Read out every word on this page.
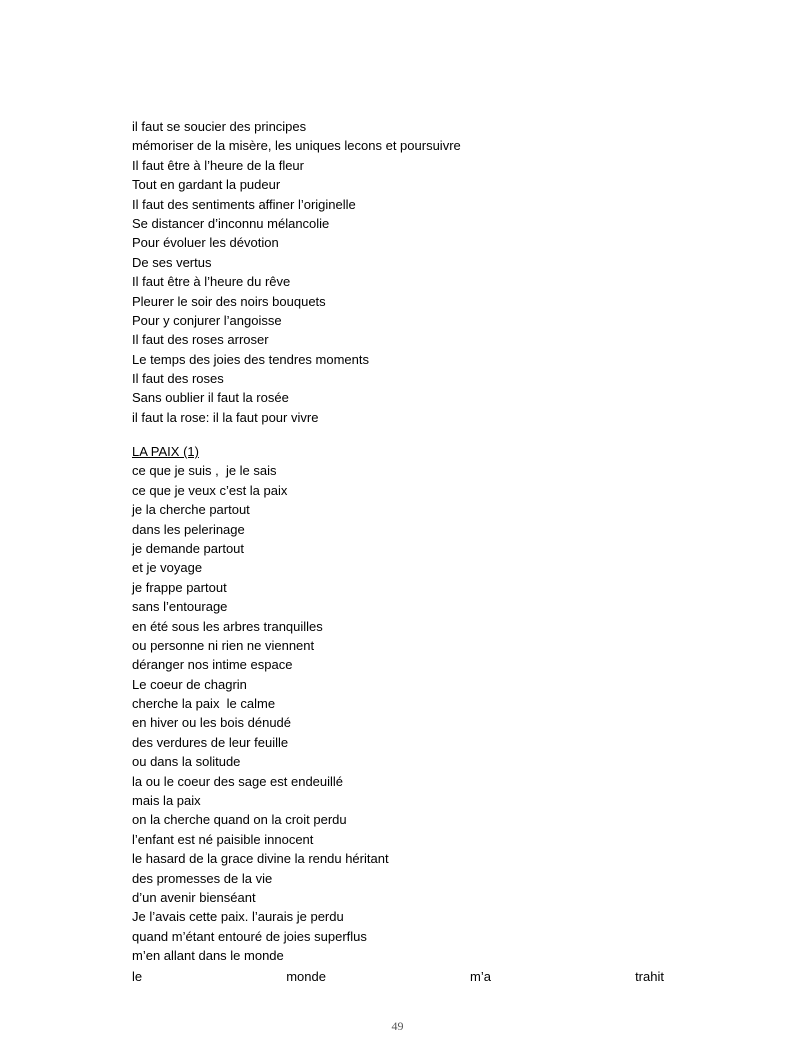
il faut se soucier des principes
mémoriser de la misère, les uniques lecons et poursuivre
Il faut être à l’heure de la fleur
Tout en gardant la pudeur
Il faut des sentiments affiner l’originelle
Se distancer d’inconnu mélancolie
Pour évoluer les dévotion
De ses vertus
Il faut être à l’heure du rêve
Pleurer le soir des noirs bouquets
Pour y conjurer l’angoisse
Il faut des roses arroser
Le temps des joies des tendres moments
Il faut des roses
Sans oublier il faut la rosée
il faut la rose: il la faut pour vivre
LA PAIX (1)
ce que je suis ,  je le sais
ce que je veux c’est la paix
je la cherche partout
dans les pelerinage
je demande partout
et je voyage
je frappe partout
sans l’entourage
en été sous les arbres tranquilles
ou personne ni rien ne viennent
déranger nos intime espace
Le coeur de chagrin
cherche la paix  le calme
en hiver ou les bois dénudé
des verdures de leur feuille
ou dans la solitude
la ou le coeur des sage est endeuillé
mais la paix
on la cherche quand on la croit perdu
l’enfant est né paisible innocent
le hasard de la grace divine la rendu héritant
des promesses de la vie
d’un avenir bienséant
Je l’avais cette paix. l’aurais je perdu
quand m’étant entouré de joies superflus
m’en allant dans le monde
le	monde	m’a	trahit
49
